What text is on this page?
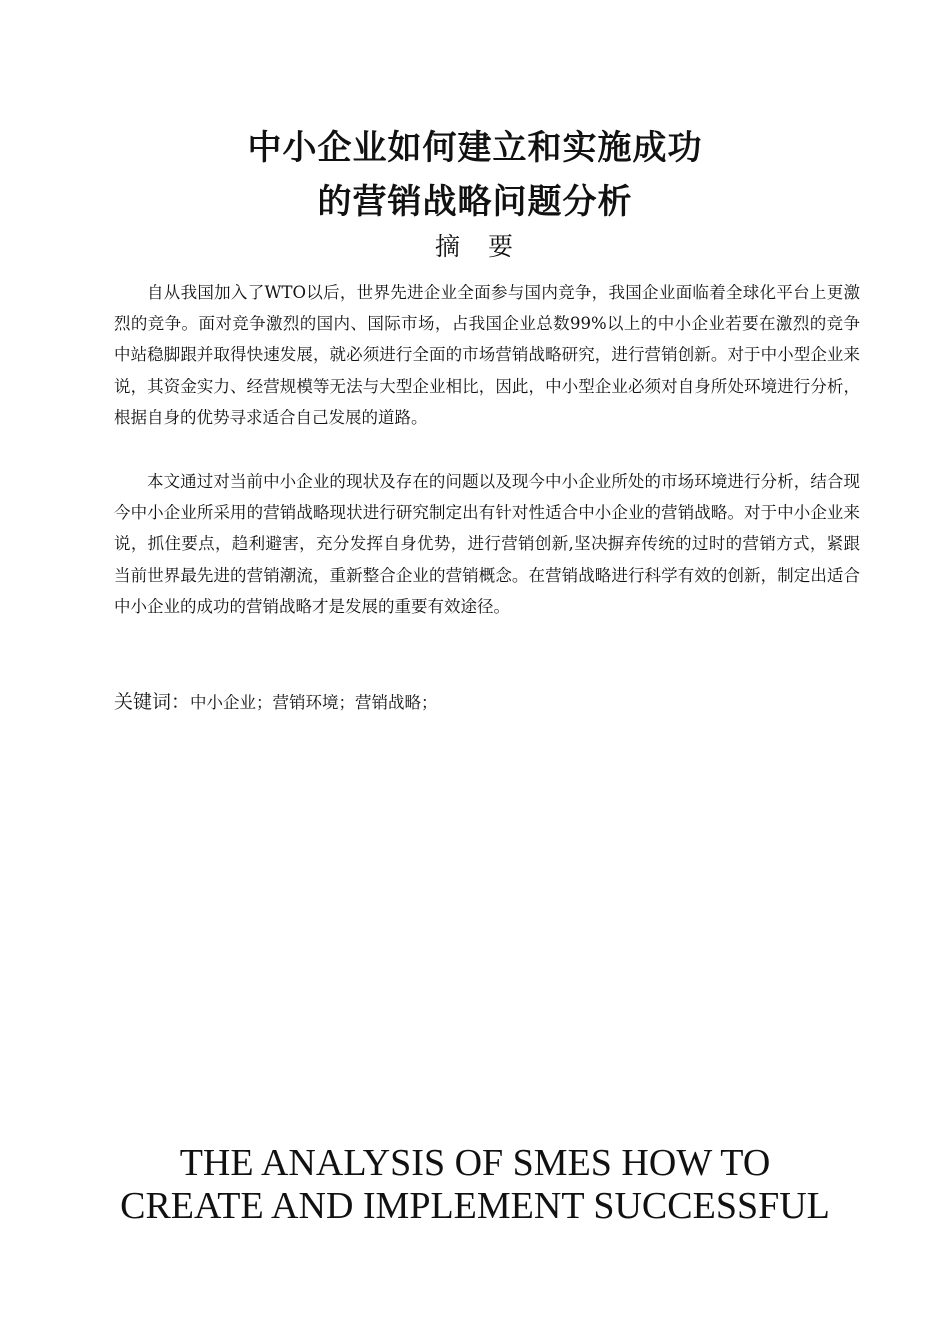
中小企业如何建立和实施成功
的营销战略问题分析
摘 要

自从我国加入了WTO以后，世界先进企业全面参与国内竞争，我国企业面临着全球化平台上更激烈的竞争。面对竞争激烈的国内、国际市场，占我国企业总数99%以上的中小企业若要在激烈的竞争中站稳脚跟并取得快速发展，就必须进行全面的市场营销战略研究，进行营销创新。对于中小型企业来说，其资金实力、经营规模等无法与大型企业相比，因此，中小型企业必须对自身所处环境进行分析，根据自身的优势寻求适合自己发展的道路。

本文通过对当前中小企业的现状及存在的问题以及现今中小企业所处的市场环境进行分析，结合现今中小企业所采用的营销战略现状进行研究制定出有针对性适合中小企业的营销战略。对于中小企业来说，抓住要点，趋利避害，充分发挥自身优势，进行营销创新,坚决摒弃传统的过时的营销方式，紧跟当前世界最先进的营销潮流，重新整合企业的营销概念。在营销战略进行科学有效的创新，制定出适合中小企业的成功的营销战略才是发展的重要有效途径。

关键词：中小企业；营销环境；营销战略；

THE ANALYSIS OF SMES HOW TO
CREATE AND IMPLEMENT SUCCESSFUL
